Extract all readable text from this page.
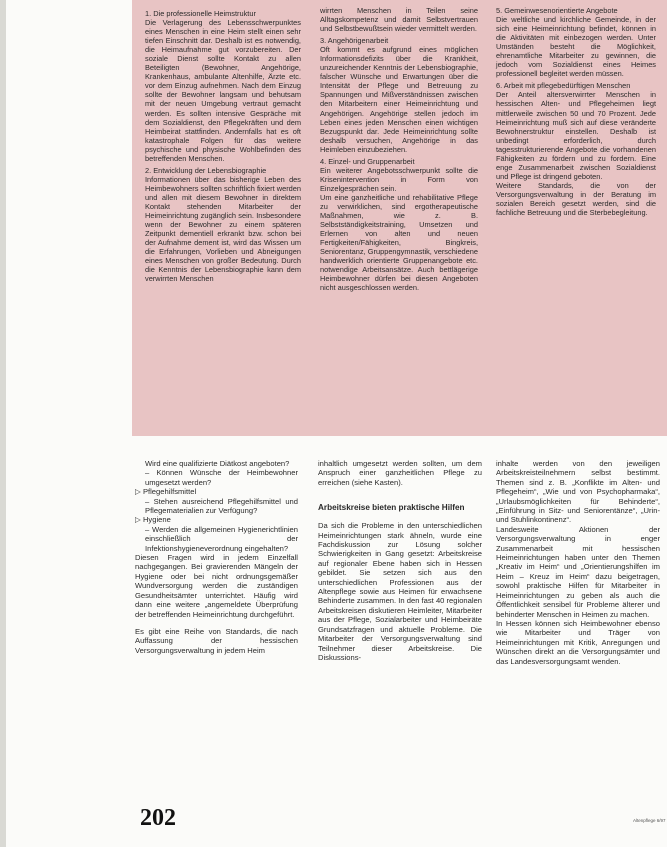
1. Die professionelle Heimstruktur

Die Verlagerung des Lebensschwerpunktes eines Menschen in eine Heim stellt einen sehr tiefen Einschnitt dar. Deshalb ist es notwendig, die Heimaufnahme gut vorzubereiten. Der soziale Dienst sollte Kontakt zu allen Beteiligten (Bewohner, Angehörige, Krankenhaus, ambulante Altenhilfe, Ärzte etc. vor dem Einzug aufnehmen. Nach dem Einzug sollte der Bewohner langsam und behutsam mit der neuen Umgebung vertraut gemacht werden. Es sollten intensive Gespräche mit dem Sozialdienst, den Pflegekräften und dem Heimbeirat stattfinden. Andernfalls hat es oft katastrophale Folgen für das weitere psychische und physische Wohlbefinden des betreffenden Menschen.

2. Entwicklung der Lebensbiographie

Informationen über das bisherige Leben des Heimbewohners sollten schriftlich fixiert werden und allen mit diesem Bewohner in direktem Kontakt stehenden Mitarbeiter der Heimeinrichtung zugänglich sein. Insbesondere wenn der Bewohner zu einem späteren Zeitpunkt dementiell erkrankt bzw. schon bei der Aufnahme dement ist, wird das Wissen um die Erfahrungen, Vorlieben und Abneigungen eines Menschen von großer Bedeutung. Durch die Kenntnis der Lebensbiographie kann dem verwirrten Menschen

wirrten Menschen in Teilen seine Alltagskompetenz und damit Selbstvertrauen und Selbstbewußtsein wieder vermittelt werden.

3. Angehörigenarbeit

Oft kommt es aufgrund eines möglichen Informationsdefizits über die Krankheit, unzureichender Kenntnis der Lebensbiographie, falscher Wünsche und Erwartungen über die Intensität der Pflege und Betreuung zu Spannungen und Mißverständnissen zwischen den Mitarbeitern einer Heimeinrichtung und Angehörigen. Angehörige stellen jedoch im Leben eines jeden Menschen einen wichtigen Bezugspunkt dar. Jede Heimeinrichtung sollte deshalb versuchen, Angehörige in das Heimleben einzubeziehen.

4. Einzel- und Gruppenarbeit

Ein weiterer Angebotsschwerpunkt sollte die Krisenintervention in Form von Einzelgesprächen sein.

Um eine ganzheitliche und rehabilitative Pflege zu verwirklichen, sind ergotherapeutische Maßnahmen, wie z. B. Selbstständigkeitstraining, Umsetzen und Erlernen von alten und neuen Fertigkeiten/Fähigkeiten, Bingkreis, Seniorentanz, Gruppengymnastik, verschiedene handwerklich orientierte Gruppenangebote etc. notwendige Arbeitsansätze. Auch bettlägerige Heimbewohner dürfen bei diesen Angeboten nicht ausgeschlossen werden.

5. Gemeinwesenorientierte Angebote

Die weltliche und kirchliche Gemeinde, in der sich eine Heimeinrichtung befindet, können in die Aktivitäten mit einbezogen werden. Unter Umständen besteht die Möglichkeit, ehrenamtliche Mitarbeiter zu gewinnen, die jedoch vom Sozialdienst eines Heimes professionell begleitet werden müssen.

6. Arbeit mit pflegebedürftigen Menschen

Der Anteil altersverwirrter Menschen in hessischen Alten- und Pflegeheimen liegt mittlerweile zwischen 50 und 70 Prozent. Jede Heimeinrichtung muß sich auf diese veränderte Bewohnerstruktur einstellen. Deshalb ist unbedingt erforderlich, durch tagesstrukturierende Angebote die vorhandenen Fähigkeiten zu fördern und zu fordern. Eine enge Zusammenarbeit zwischen Sozialdienst und Pflege ist dringend geboten.

Weitere Standards, die von der Versorgungsverwaltung in der Beratung im sozialen Bereich gesetzt werden, sind die fachliche Betreuung und die Sterbebegleitung.

Wird eine qualifizierte Diätkost angeboten?

– Können Wünsche der Heimbewohner umgesetzt werden?

▷ Pflegehilfsmittel

– Stehen ausreichend Pflegehilfsmittel und Pflegematerialien zur Verfügung?

▷ Hygiene

– Werden die allgemeinen Hygienerichtlinien einschließlich der Infektionshygieneverordnung eingehalten?

Diesen Fragen wird in jedem Einzelfall nachgegangen. Bei gravierenden Mängeln der Hygiene oder bei nicht ordnungsgemäßer Wundversorgung werden die zuständigen Gesundheitsämter unterrichtet. Häufig wird dann eine weitere „angemeldete Überprüfung der betreffenden Heimeinrichtung durchgeführt.

Es gibt eine Reihe von Standards, die nach Auffassung der hessischen Versorgungsverwaltung in jedem Heim

inhaltlich umgesetzt werden sollten, um dem Anspruch einer ganzheitlichen Pflege zu erreichen (siehe Kasten).

Arbeitskreise bieten praktische Hilfen

Da sich die Probleme in den unterschiedlichen Heimeinrichtungen stark ähneln, wurde eine Fachdiskussion zur Lösung solcher Schwierigkeiten in Gang gesetzt: Arbeitskreise auf regionaler Ebene haben sich in Hessen gebildet. Sie setzen sich aus den unterschiedlichen Professionen aus der Altenpflege sowie aus Heimen für erwachsene Behinderte zusammen. In den fast 40 regionalen Arbeitskreisen diskutieren Heimleiter, Mitarbeiter aus der Pflege, Sozialarbeiter und Heimbeiräte Grundsatzfragen und aktuelle Probleme. Die Mitarbeiter der Versorgungsverwaltung sind Teilnehmer dieser Arbeitskreise. Die Diskussions-

inhalte werden von den jeweiligen Arbeitskreisteilnehmern selbst bestimmt. Themen sind z. B. „Konflikte im Alten- und Pflegeheim“, „Wie und von Psychopharmaka“, „Urlaubsmöglichkeiten für Behinderte“, „Einführung in Sitz- und Seniorentänze“, „Urin- und Stuhlinkontinenz“.

Landesweite Aktionen der Versorgungsverwaltung in enger Zusammenarbeit mit hessischen Heimeinrichtungen haben unter den Themen „Kreativ im Heim“ und „Orientierungshilfen im Heim – Kreuz im Heim“ dazu beigetragen, sowohl praktische Hilfen für Mitarbeiter in Heimeinrichtungen zu geben als auch die Öffentlichkeit sensibel für Probleme älterer und behinderter Menschen in Heimen zu machen.

In Hessen können sich Heimbewohner ebenso wie Mitarbeiter und Träger von Heimeinrichtungen mit Kritik, Anregungen und Wünschen direkt an die Versorgungsämter und das Landesversorgungsamt wenden.

202	Altenpflege 6/97
